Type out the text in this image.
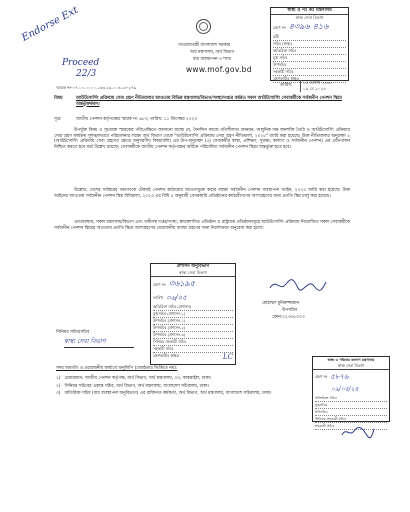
Endorse Ext
Proceed
22/3
গণপ্রজাতন্ত্রী বাংলাদেশ সরকার
অর্থ মন্ত্রণালয়, অর্থ বিভাগ
ব্যয় ব্যবস্থাপনা-৩ শাখা
www.mof.gov.bd
স্বাস্থ্য ও পঃ কঃ মন্ত্রণালয়
স্বাস্থ্য সেবা বিভাগ
গ্রহণ নং ৪৩৯৬ ৪১৬
মন্ত্রী
সচিব (স্বাস্থ্য)
অতিরিক্ত সচিব
যুগ্ম সচিব
উপসচিব
সহকারী সচিব
গ্রহণকারীর স্বাক্ষর
স্মারক নং-০৭.০০.০০০০.১৫৩.২৯.০০৩.১৮-২৭৯
১৫ বৈশাখ ১৪৩১
০৯ মে ২০২৪
তারিখ:
বিষয়	আউটসোর্সিং প্রক্রিয়ায় সেবা গ্রহণ নীতিমালার আওতায় বিভিন্ন মন্ত্রণালয়/বিভাগ/সংস্থা/দপ্তরে কর্মরত সকল আউটসোর্সিং সেবাকর্মীকে সর্বজনীন পেনশন স্কিমে অন্তর্ভুক্তকরণ।
সূত্র:	জাতীয় পেনশন কর্তৃপক্ষের স্মারক নং ৬৮৩; তারিখ: ১১ ডিসেম্বর ২০২৩
উপর্যুক্ত বিষয় ও সূত্রোক্ত স্মারকের পরিপ্রেক্ষিতে জানানো যাচ্ছে যে, দৈনন্দিন কাজে গতিশীলতা আনয়ন, আধুনিক দক্ষ জনশক্তি তৈরি ও আউটসোর্সিং প্রক্রিয়ায় সেবা গ্রহণ কার্যক্রম সুশৃঙ্খলভাবে পরিচালনার লক্ষ্যে অর্থ বিভাগ থেকে "আউটসোর্সিং প্রক্রিয়ায় সেবা গ্রহণ নীতিমালা, ২০২৫" জারি করা হয়েছে। উক্ত নীতিমালার অনুচ্ছেদ ৫ (আউটসোর্সিং প্রক্রিয়ায় সেবা গ্রহণের ক্ষেত্রে অনুসরণীয় বিষয়াবলি) এর উপ-অনুচ্ছেদ (৫) সেবাকর্মীর স্বাস্থ্য, প্রশিক্ষণ, সুরক্ষা, কল্যাণ ও সর্বজনীন পেনশন) এর প্রতিপালন নিশ্চিত করতে হবে মর্মে উল্লেখ রয়েছে। সেবাকর্মীকে জাতীয় পেনশন কর্তৃপক্ষের অধীনে পরিচালিত সর্বজনীন পেনশন স্কিমে অন্তর্ভুক্ত হতে হবে।
উল্লেখ্য, দেশের সর্বস্তরের জনগণকে টেকসই পেনশন কাঠামোর আওতাভুক্ত করার লক্ষ্যে সর্বজনীন পেনশন ব্যবস্থাপনা আইন, ২০২৩ জারি করা হয়েছে। উক্ত আইনের আওতায় সর্বজনীন পেনশন স্কিম বিধিমালা, ২০২৩ এর বিধি ৫ অনুযায়ী বেসরকারি প্রতিষ্ঠানের কর্মচারীগণের অংশগ্রহণের জন্য প্রগতি স্কিম চালু করা হয়েছে।
এমতাবস্থায়, সকল মন্ত্রণালয়/বিভাগ এবং অধীনস্থ দপ্তর/সংস্থা, স্বায়ত্তশাসিত প্রতিষ্ঠান ও রাষ্ট্রায়ত্ত প্রতিষ্ঠানসমূহে আউটসোর্সিং প্রক্রিয়ায় নিয়োজিত সকল সেবাকর্মীকে সর্বজনীন পেনশন স্কিমের আওতায় প্রগতি স্কিমে অংশগ্রহণের প্রয়োজনীয় ব্যবস্থা গ্রহণের জন্য নির্দেশক্রমে অনুরোধ করা হলো।
প্রশাসন অনুবিভাগ
স্বাস্থ্য সেবা বিভাগ
গ্রহণ নং ৩৬১৯৫
তারিখ ০৬/০৫
অতিরিক্ত সচিব (প্রশাসন)
যুগ্মসচিব (প্রশাসন-১)
উপসচিব (প্রশাসন-১)
উপসচিব (প্রশাসন-২)
উপসচিব (প্রশাসন-৩)
সিনিয়র সহকারী সচিব
সহকারী সচিব
গ্রহণকারীর স্বাক্ষর	LC
মোহাম্মদ মুনিরুজ্জামান
উপসচিব
ফোন:২২৩৩৮০০৩
সিনিয়র সচিব/সচিব
স্বাস্থ্য সেবা বিভাগ
সদয় অবগতি ও প্রয়োজনীয় কার্যার্থে অনুলিপি (জ্যেষ্ঠতার ভিত্তিতে নয়):
১) চেয়ারম্যান, জাতীয় পেনশন কর্তৃপক্ষ, অর্থ বিভাগ, অর্থ মন্ত্রণালয়, ৩৩, কাকরাইল, ঢাকা।
২) সিনিয়র সচিবের একান্ত সচিব, অর্থ বিভাগ, অর্থ মন্ত্রণালয়, বাংলাদেশ সচিবালয়, ঢাকা।
৩) অতিরিক্ত সচিব (ব্যয় ব্যবস্থাপনা অনুবিভাগ) এর ব্যক্তিগত কর্মকর্তা, অর্থ বিভাগ, অর্থ মন্ত্রণালয়, বাংলাদেশ সচিবালয়, ঢাকা।
স্বাস্থ্য ও পরিবার কল্যাণ মন্ত্রণালয়
স্বাস্থ্য সেবা বিভাগ
গ্রহণ নং ৫৮৭৬
০৯/০৫/২৪
অতিরিক্ত সচিব
যুগ্মসচিব
উপসচিব
সিনিয়র সহকারী সচিব
সহকারী সচিব
